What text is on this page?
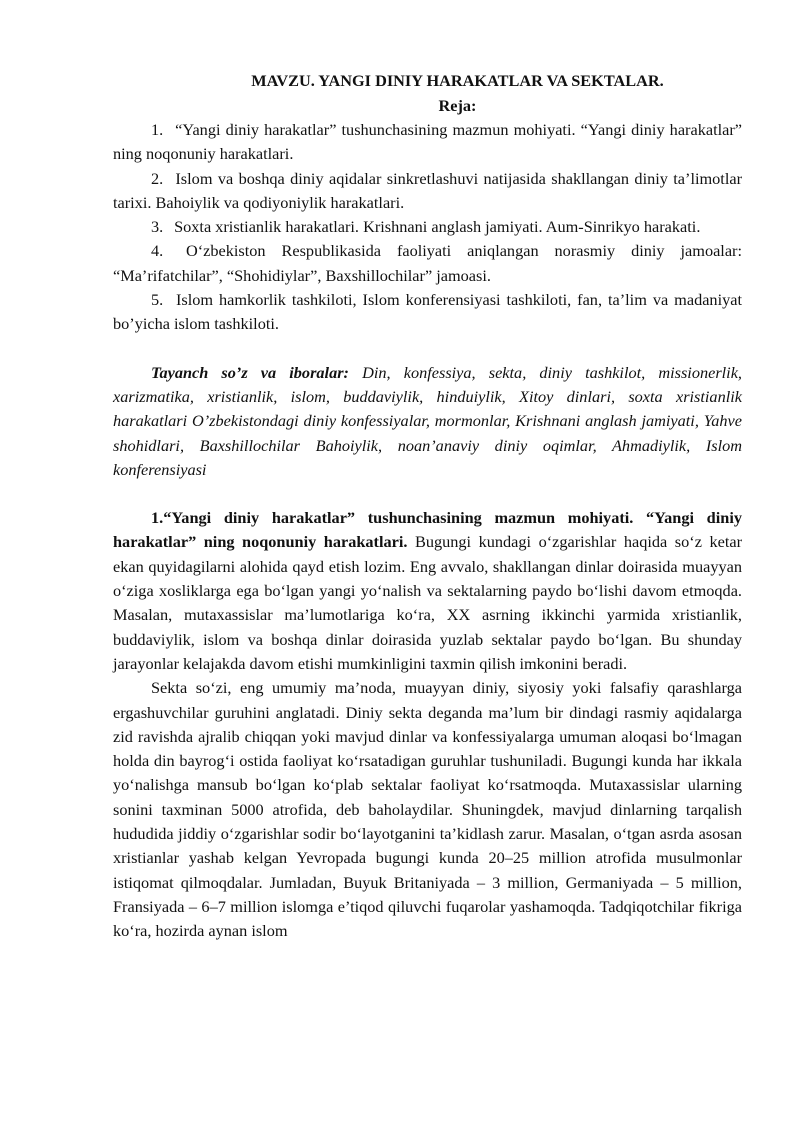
MAVZU. YANGI DINIY HARAKATLAR VA SEKTALAR.
Reja:
1. “Yangi diniy harakatlar” tushunchasining mazmun mohiyati. “Yangi diniy harakatlar” ning noqonuniy harakatlari.
2. Islom va boshqa diniy aqidalar sinkretlashuvi natijasida shakllangan diniy ta’limotlar tarixi. Bahoiylik va qodiyoniylik harakatlari.
3. Soxta xristianlik harakatlari. Krishnani anglash jamiyati. Aum-Sinrikyo harakati.
4. O‘zbekiston Respublikasida faoliyati aniqlangan norasmiy diniy jamoalar: “Ma’rifatchilar”, “Shohidiylar”, Baxshillochilar” jamoasi.
5. Islom hamkorlik tashkiloti, Islom konferensiyasi tashkiloti, fan, ta’lim va madaniyat bo’yicha islom tashkiloti.

Tayanch so’z va iboralar: Din, konfessiya, sekta, diniy tashkilot, missionerlik, xarizmatika, xristianlik, islom, buddaviylik, hinduiylik, Xitoy dinlari, soxta xristianlik harakatlari O’zbekistondagi diniy konfessiyalar, mormonlar, Krishnani anglash jamiyati, Yahve shohidlari, Baxshillochilar Bahoiylik, noan’anaviy diniy oqimlar, Ahmadiylik, Islom konferensiyasi

1.“Yangi diniy harakatlar” tushunchasining mazmun mohiyati. “Yangi diniy harakatlar” ning noqonuniy harakatlari. Bugungi kundagi o‘zgarishlar haqida so‘z ketar ekan quyidagilarni alohida qayd etish lozim. Eng avvalo, shakllangan dinlar doirasida muayyan o‘ziga xosliklarga ega bo‘lgan yangi yo‘nalish va sektalarning paydo bo‘lishi davom etmoqda. Masalan, mutaxassislar ma’lumotlariga ko‘ra, XX asrning ikkinchi yarmida xristianlik, buddaviylik, islom va boshqa dinlar doirasida yuzlab sektalar paydo bo‘lgan. Bu shunday jarayonlar kelajakda davom etishi mumkinligini taxmin qilish imkonini beradi.

Sekta so‘zi, eng umumiy ma’noda, muayyan diniy, siyosiy yoki falsafiy qarashlarga ergashuvchilar guruhini anglatadi. Diniy sekta deganda ma’lum bir dindagi rasmiy aqidalarga zid ravishda ajralib chiqqan yoki mavjud dinlar va konfessiyalarga umuman aloqasi bo‘lmagan holda din bayrog‘i ostida faoliyat ko‘rsatadigan guruhlar tushuniladi. Bugungi kunda har ikkala yo‘nalishga mansub bo‘lgan ko‘plab sektalar faoliyat ko‘rsatmoqda. Mutaxassislar ularning sonini taxminan 5000 atrofida, deb baholaydilar. Shuningdek, mavjud dinlarning tarqalish hududida jiddiy o‘zgarishlar sodir bo‘layotganini ta’kidlash zarur. Masalan, o‘tgan asrda asosan xristianlar yashab kelgan Yevropada bugungi kunda 20–25 million atrofida musulmonlar istiqomat qilmoqdalar. Jumladan, Buyuk Britaniyada – 3 million, Germaniyada – 5 million, Fransiyada – 6–7 million islomga e’tiqod qiluvchi fuqarolar yashamoqda. Tadqiqotchilar fikriga ko‘ra, hozirda aynan islom
